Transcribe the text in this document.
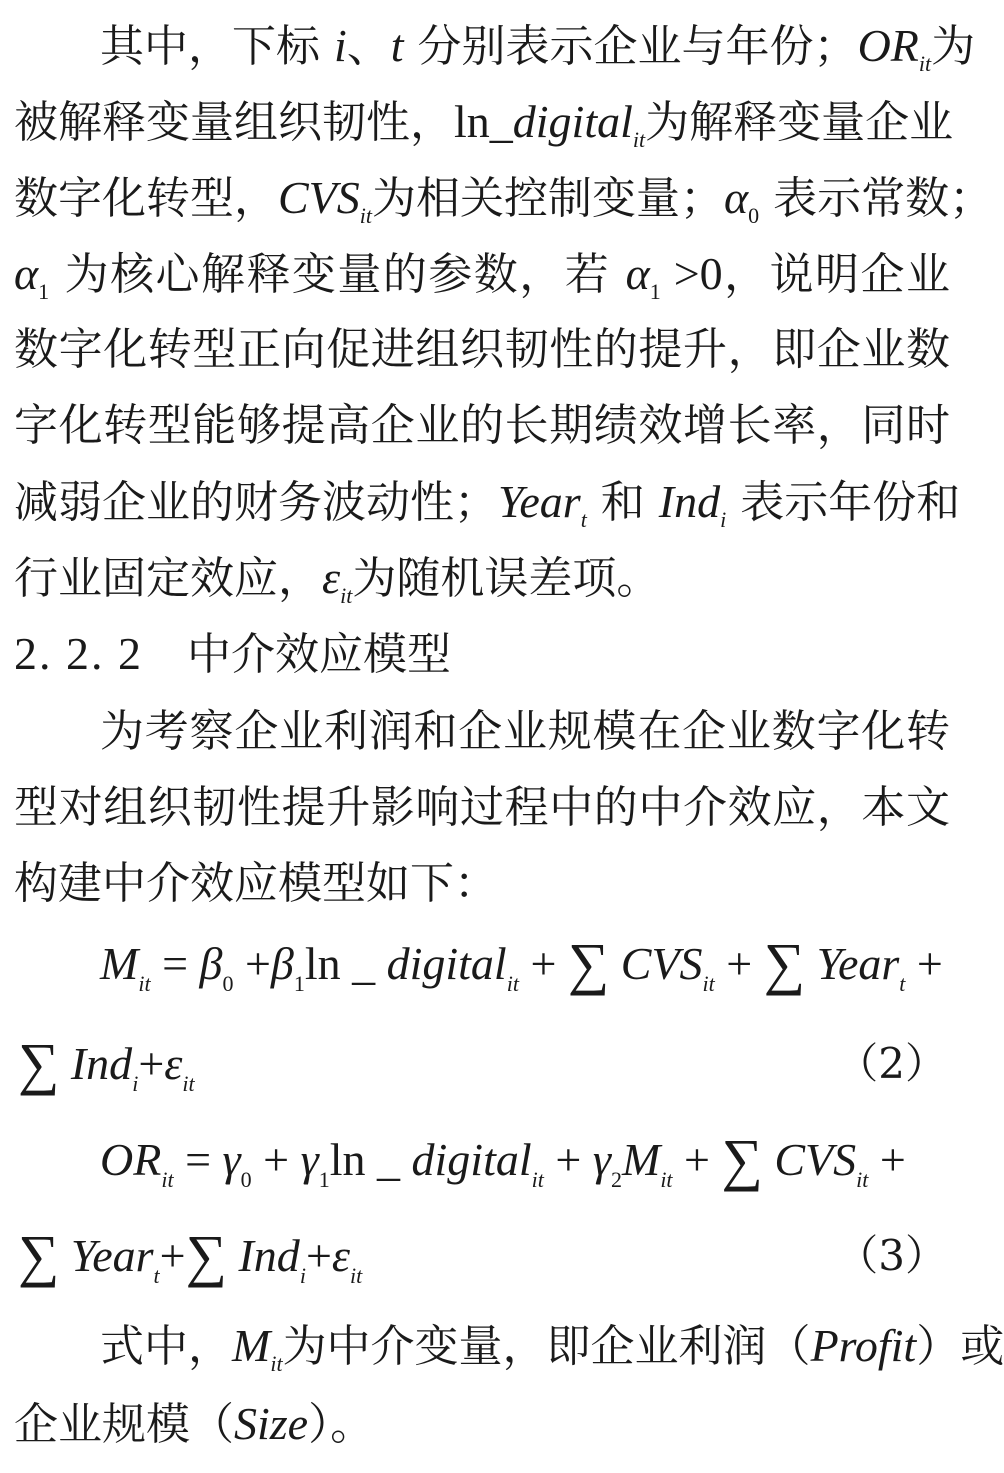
其中，下标 i、t 分别表示企业与年份；$OR_{it}$为
被解释变量组织韧性，ln_digital$_{it}$为解释变量企业
数字化转型，$CVS_{it}$为相关控制变量；$\alpha_0$ 表示常数；
$\alpha_1$ 为核心解释变量的参数，若 $\alpha_1 >0$，说明企业
数字化转型正向促进组织韧性的提升，即企业数
字化转型能够提高企业的长期绩效增长率，同时
减弱企业的财务波动性；Year$_t$ 和 Ind$_i$ 表示年份和
行业固定效应，$\varepsilon_{it}$为随机误差项。
2. 2. 2 中介效应模型
为考察企业利润和企业规模在企业数字化转
型对组织韧性提升影响过程中的中介效应，本文
构建中介效应模型如下：
$M_{it} = \beta_0 +\beta_1\ln$ _ digital$_{it}$ + ∑ $CVS_{it}$ + ∑ Year$_t$ +
∑ $Ind_i+\varepsilon_{it}$	（2）
$OR_{it} = \gamma_0 + \gamma_1\ln$ _ digital$_{it}$ + $\gamma_2M_{it}$ + ∑ $CVS_{it}$ +
∑ Year$_t$+∑ $Ind_i+\varepsilon_{it}$	（3）
式中，$M_{it}$为中介变量，即企业利润（Profit）或
企业规模（Size）。
